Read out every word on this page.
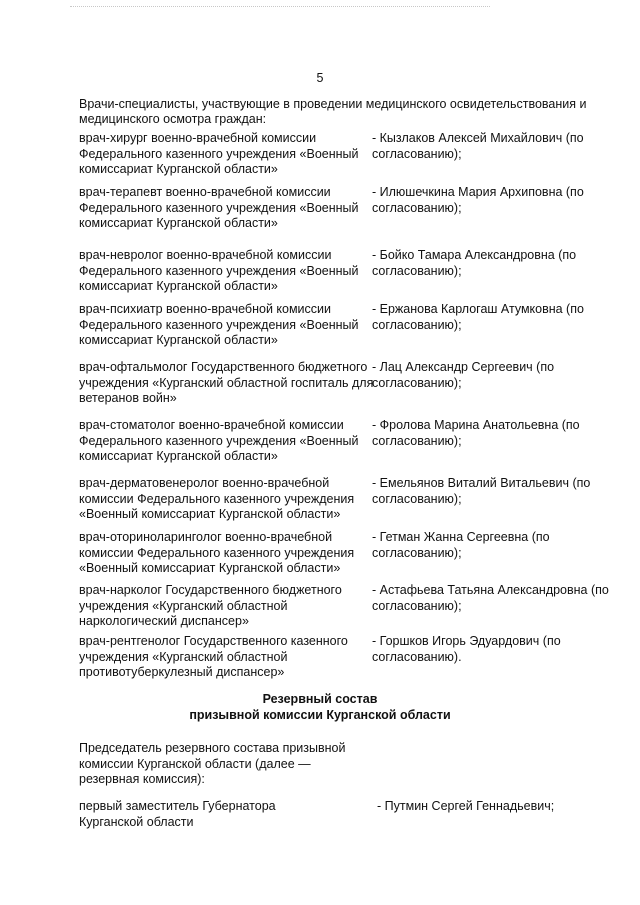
5
Врачи-специалисты, участвующие в проведении медицинского освидетельствования и медицинского осмотра граждан:
врач-хирург военно-врачебной комиссии Федерального казенного учреждения «Военный комиссариат Курганской области»
- Кызлаков Алексей Михайлович (по согласованию);
врач-терапевт военно-врачебной комиссии Федерального казенного учреждения «Военный комиссариат Курганской области»
- Илюшечкина Мария Архиповна (по согласованию);
врач-невролог военно-врачебной комиссии Федерального казенного учреждения «Военный комиссариат Курганской области»
- Бойко Тамара Александровна (по согласованию);
врач-психиатр военно-врачебной комиссии Федерального казенного учреждения «Военный комиссариат Курганской области»
- Ержанова Карлогаш Атумковна (по согласованию);
врач-офтальмолог Государственного бюджетного учреждения «Курганский областной госпиталь для ветеранов войн»
- Лац Александр Сергеевич (по согласованию);
врач-стоматолог военно-врачебной комиссии Федерального казенного учреждения «Военный комиссариат Курганской области»
- Фролова Марина Анатольевна (по согласованию);
врач-дерматовенеролог военно-врачебной комиссии Федерального казенного учреждения «Военный комиссариат Курганской области»
- Емельянов Виталий Витальевич (по согласованию);
врач-оториноларинголог военно-врачебной комиссии Федерального казенного учреждения «Военный комиссариат Курганской области»
- Гетман Жанна Сергеевна (по согласованию);
врач-нарколог Государственного бюджетного учреждения «Курганский областной наркологический диспансер»
- Астафьева Татьяна Александровна (по согласованию);
врач-рентгенолог Государственного казенного учреждения «Курганский областной противотуберкулезный диспансер»
- Горшков Игорь Эдуардович (по согласованию).
Резервный состав
призывной комиссии Курганской области
Председатель резервного состава призывной комиссии Курганской области (далее — резервная комиссия):
первый заместитель Губернатора Курганской области
- Путмин Сергей Геннадьевич;
